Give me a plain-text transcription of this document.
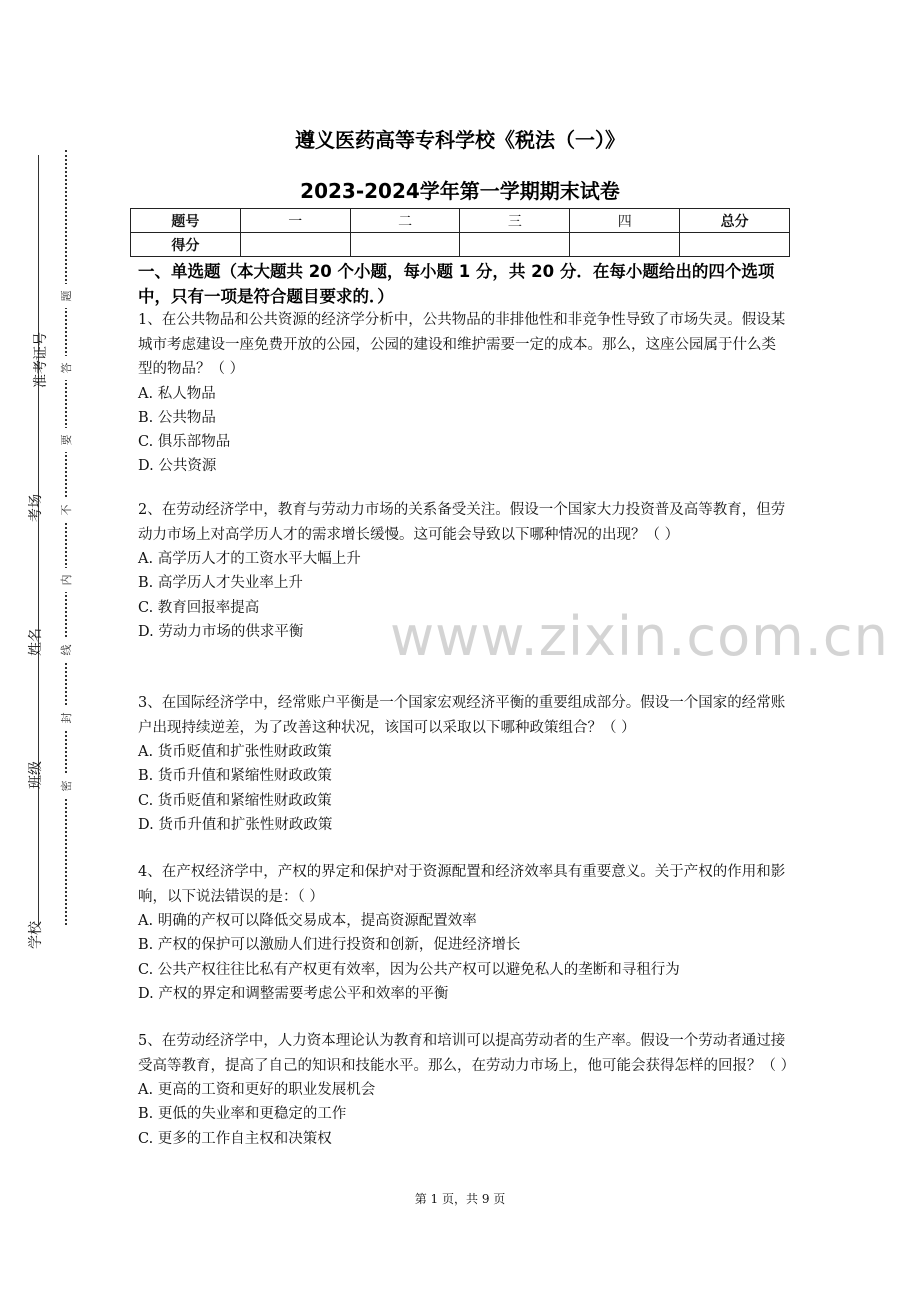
准考证号
考场
姓名
班级
学校
题
答
要
不
内
线
封
密
遵义医药高等专科学校《税法（一）》
2023-2024学年第一学期期末试卷
题号	一	二	三	四	总分
得分					
一、单选题（本大题共 20 个小题，每小题 1 分，共 20 分．在每小题给出的四个选项中，只有一项是符合题目要求的．）
1、在公共物品和公共资源的经济学分析中，公共物品的非排他性和非竞争性导致了市场失灵。假设某城市考虑建设一座免费开放的公园，公园的建设和维护需要一定的成本。那么，这座公园属于什么类型的物品？（ ）
A. 私人物品
B. 公共物品
C. 俱乐部物品
D. 公共资源
2、在劳动经济学中，教育与劳动力市场的关系备受关注。假设一个国家大力投资普及高等教育，但劳动力市场上对高学历人才的需求增长缓慢。这可能会导致以下哪种情况的出现？（ ）
A. 高学历人才的工资水平大幅上升
B. 高学历人才失业率上升
C. 教育回报率提高
D. 劳动力市场的供求平衡
3、在国际经济学中，经常账户平衡是一个国家宏观经济平衡的重要组成部分。假设一个国家的经常账户出现持续逆差，为了改善这种状况，该国可以采取以下哪种政策组合？（ ）
A. 货币贬值和扩张性财政政策
B. 货币升值和紧缩性财政政策
C. 货币贬值和紧缩性财政政策
D. 货币升值和扩张性财政政策
4、在产权经济学中，产权的界定和保护对于资源配置和经济效率具有重要意义。关于产权的作用和影响，以下说法错误的是：（ ）
A. 明确的产权可以降低交易成本，提高资源配置效率
B. 产权的保护可以激励人们进行投资和创新，促进经济增长
C. 公共产权往往比私有产权更有效率，因为公共产权可以避免私人的垄断和寻租行为
D. 产权的界定和调整需要考虑公平和效率的平衡
5、在劳动经济学中，人力资本理论认为教育和培训可以提高劳动者的生产率。假设一个劳动者通过接受高等教育，提高了自己的知识和技能水平。那么，在劳动力市场上，他可能会获得怎样的回报？（ ）
A. 更高的工资和更好的职业发展机会
B. 更低的失业率和更稳定的工作
C. 更多的工作自主权和决策权
www.zixin.com.cn
第 1 页，共 9 页
